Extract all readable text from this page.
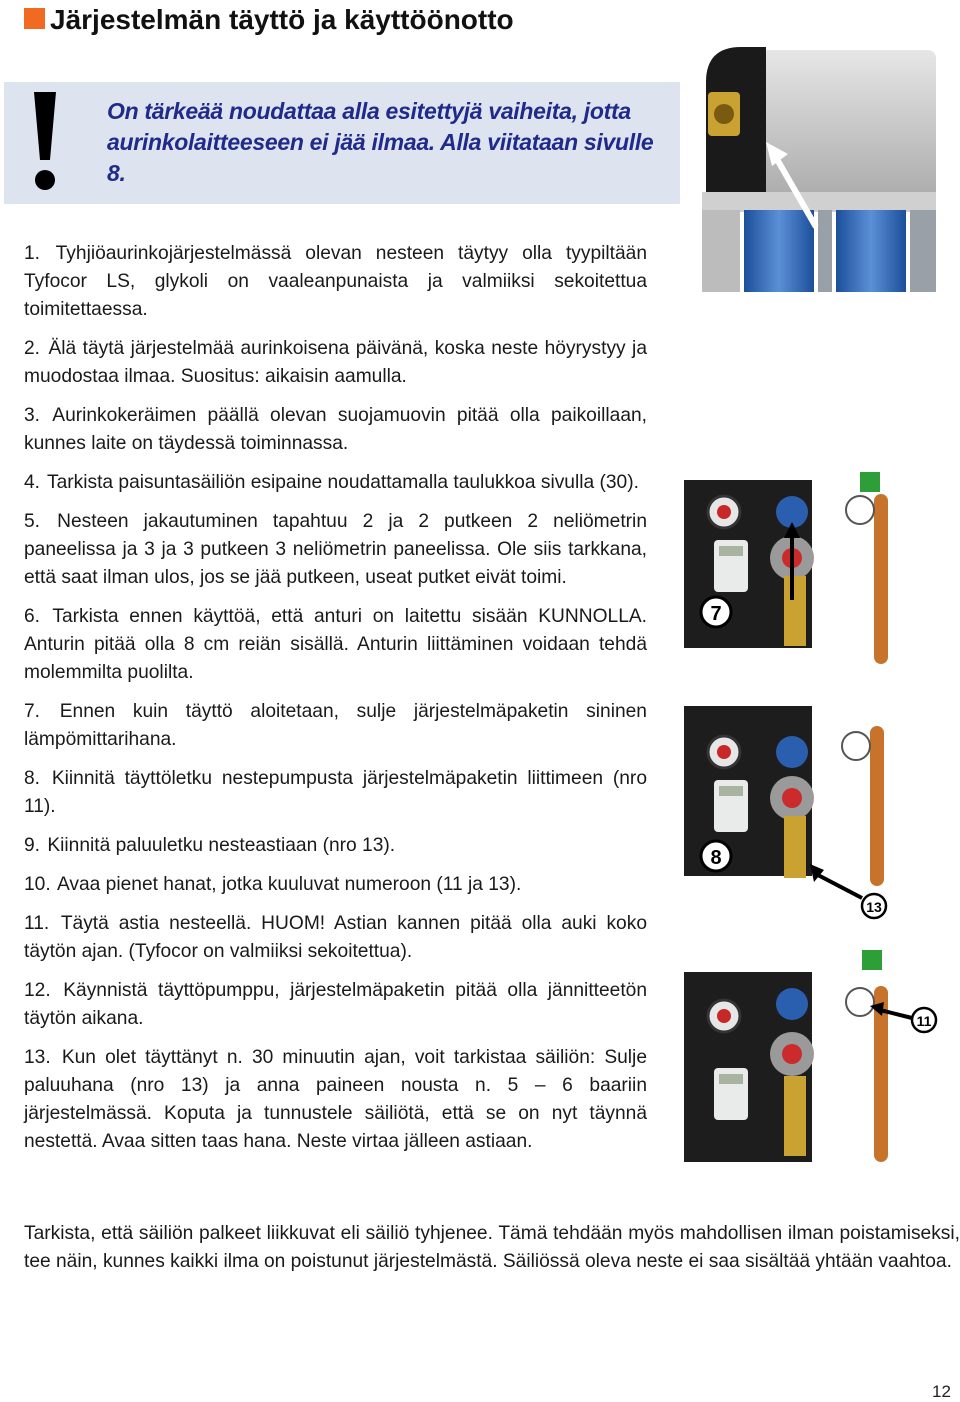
Järjestelmän täyttö ja käyttöönotto
On tärkeää noudattaa alla esitettyjä vaiheita, jotta aurinkolaitteeseen ei jää ilmaa. Alla viitataan sivulle 8.
7
8
13
11

1. Tyhjiöaurinkojärjestelmässä olevan nesteen täytyy olla tyypiltään Tyfocor LS, glykoli on vaaleanpunaista ja valmiiksi sekoitettua toimitettaessa.

2. Älä täytä järjestelmää aurinkoisena päivänä, koska neste höyrystyy ja muodostaa ilmaa. Suositus: aikaisin aamulla.

3. Aurinkokeräimen päällä olevan suojamuovin pitää olla paikoillaan, kunnes laite on täydessä toiminnassa.

4. Tarkista paisuntasäiliön esipaine noudattamalla taulukkoa sivulla (30).

5. Nesteen jakautuminen tapahtuu 2 ja 2 putkeen 2 neliömetrin paneelissa ja 3 ja 3 putkeen 3 neliömetrin paneelissa. Ole siis tarkkana, että saat ilman ulos, jos se jää putkeen, useat putket eivät toimi.

6. Tarkista ennen käyttöä, että anturi on laitettu sisään KUNNOLLA. Anturin pitää olla 8 cm reiän sisällä. Anturin liittäminen voidaan tehdä molemmilta puolilta.

7. Ennen kuin täyttö aloitetaan, sulje järjestelmäpaketin sininen lämpömittarihana.

8. Kiinnitä täyttöletku nestepumpusta järjestelmäpaketin liittimeen (nro 11).

9. Kiinnitä paluuletku nesteastiaan (nro 13).

10. Avaa pienet hanat, jotka kuuluvat numeroon (11 ja 13).

11. Täytä astia nesteellä. HUOM! Astian kannen pitää olla auki koko täytön ajan. (Tyfocor on valmiiksi sekoitettua).

12. Käynnistä täyttöpumppu, järjestelmäpaketin pitää olla jännitteetön täytön aikana.

13. Kun olet täyttänyt n. 30 minuutin ajan, voit tarkistaa säiliön: Sulje paluuhana (nro 13) ja anna paineen nousta n. 5 – 6 baariin järjestelmässä. Koputa ja tunnustele säiliötä, että se on nyt täynnä nestettä. Avaa sitten taas hana. Neste virtaa jälleen astiaan.

Tarkista, että säiliön palkeet liikkuvat eli säiliö tyhjenee. Tämä tehdään myös mahdollisen ilman poistamiseksi, tee näin, kunnes kaikki ilma on poistunut järjestelmästä. Säiliössä oleva neste ei saa sisältää yhtään vaahtoa.

12
